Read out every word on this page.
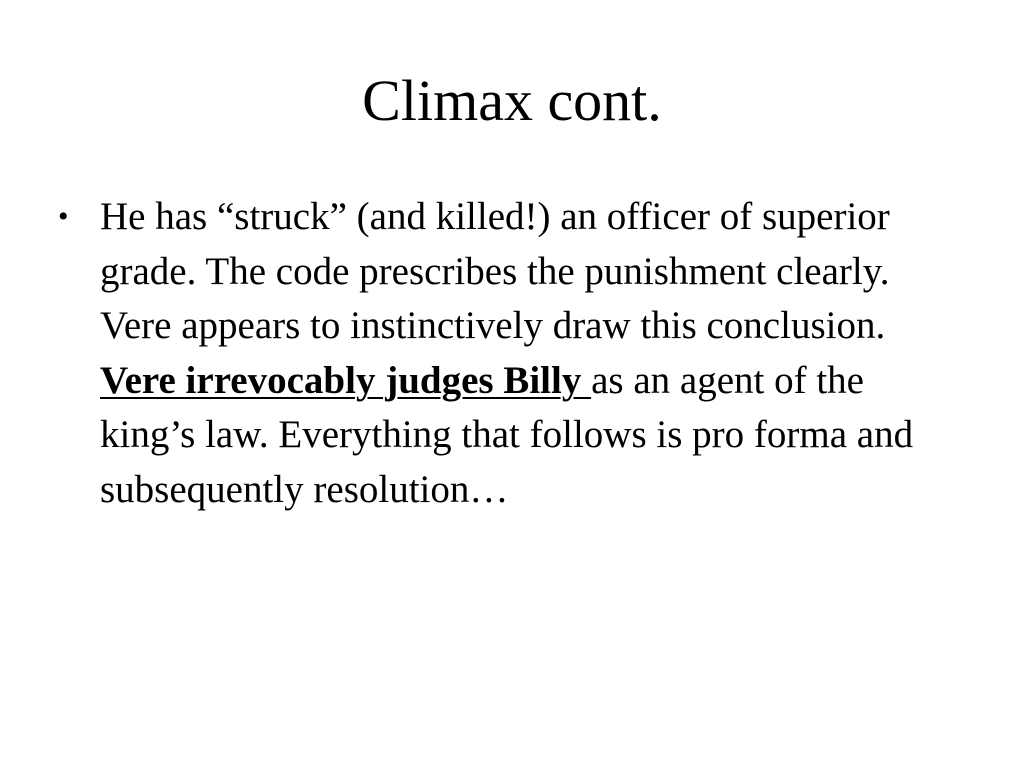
Climax cont.
• He has “struck” (and killed!) an officer of superior grade. The code prescribes the punishment clearly. Vere appears to instinctively draw this conclusion. Vere irrevocably judges Billy as an agent of the king’s law. Everything that follows is pro forma and subsequently resolution…
